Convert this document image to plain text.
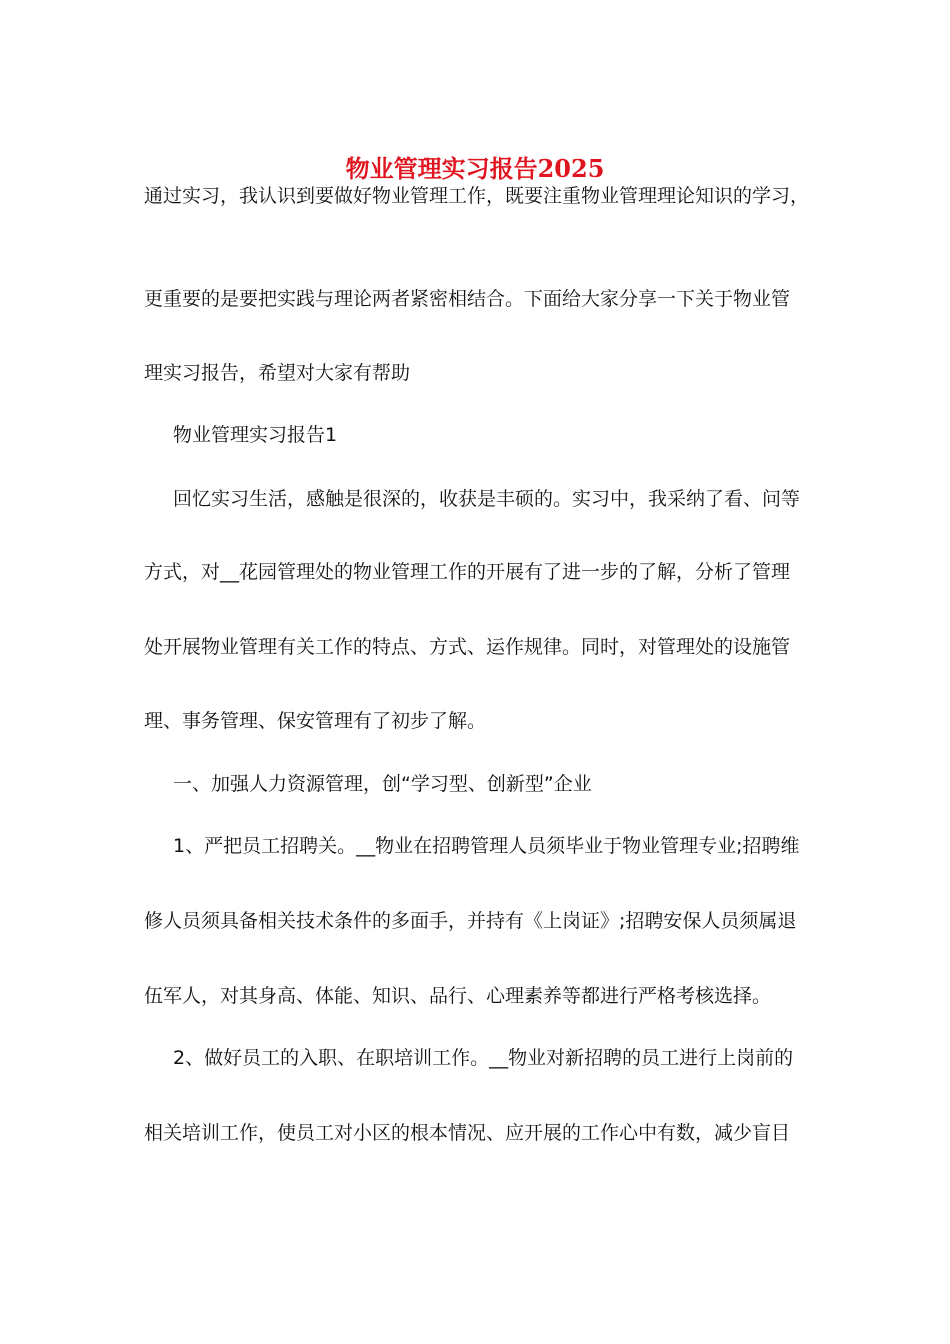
物业管理实习报告2025
通过实习，我认识到要做好物业管理工作，既要注重物业管理理论知识的学习，
更重要的是要把实践与理论两者紧密相结合。下面给大家分享一下关于物业管
理实习报告，希望对大家有帮助
物业管理实习报告1
回忆实习生活，感触是很深的，收获是丰硕的。实习中，我采纳了看、问等
方式，对__花园管理处的物业管理工作的开展有了进一步的了解，分析了管理
处开展物业管理有关工作的特点、方式、运作规律。同时，对管理处的设施管
理、事务管理、保安管理有了初步了解。
一、加强人力资源管理，创“学习型、创新型”企业
1、严把员工招聘关。__物业在招聘管理人员须毕业于物业管理专业;招聘维
修人员须具备相关技术条件的多面手，并持有《上岗证》;招聘安保人员须属退
伍军人，对其身高、体能、知识、品行、心理素养等都进行严格考核选择。
2、做好员工的入职、在职培训工作。__物业对新招聘的员工进行上岗前的
相关培训工作，使员工对小区的根本情况、应开展的工作心中有数，减少盲目
